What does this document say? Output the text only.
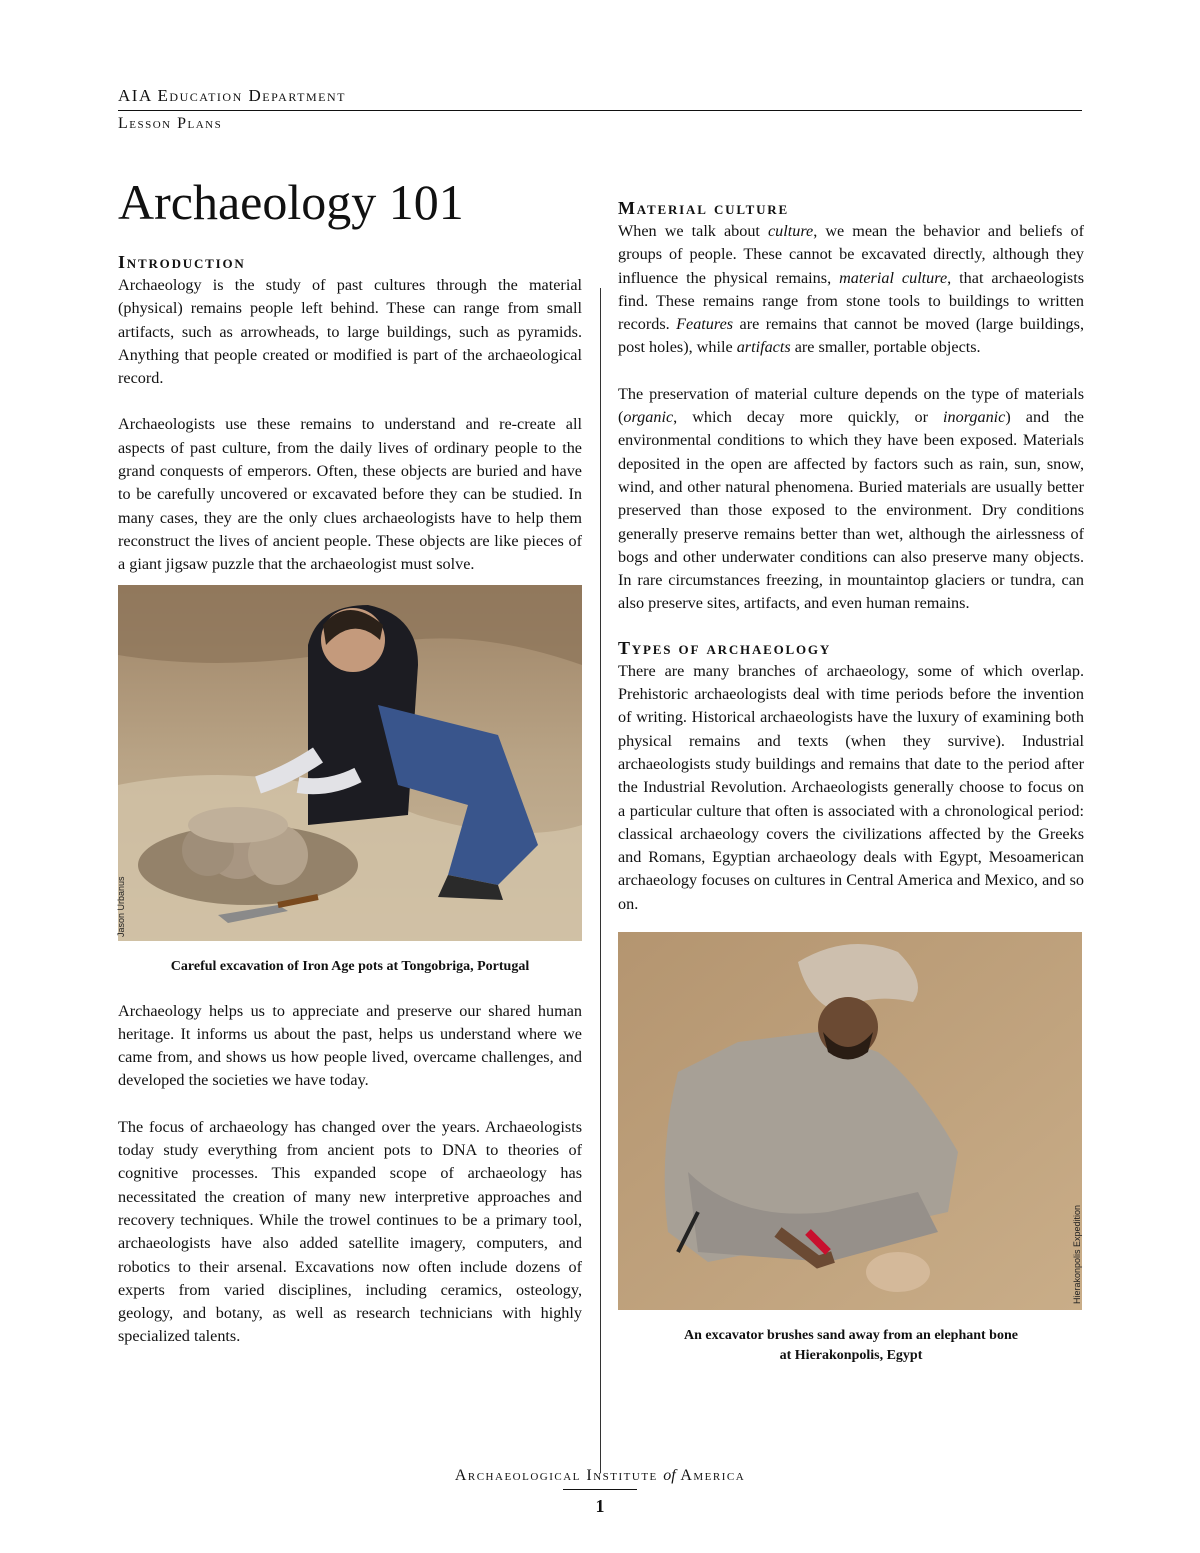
AIA Education Department
Lesson Plans
Archaeology 101
Introduction

Archaeology is the study of past cultures through the material (physical) remains people left behind. These can range from small artifacts, such as arrowheads, to large buildings, such as pyramids. Anything that people created or modified is part of the archaeological record.

Archaeologists use these remains to understand and re-create all aspects of past culture, from the daily lives of ordinary people to the grand conquests of emperors. Often, these objects are buried and have to be carefully uncovered or excavated before they can be studied. In many cases, they are the only clues archaeologists have to help them reconstruct the lives of ancient people. These objects are like pieces of a giant jigsaw puzzle that the archaeologist must solve.

Jason Urbanus
Careful excavation of Iron Age pots at Tongobriga, Portugal

Archaeology helps us to appreciate and preserve our shared human heritage. It informs us about the past, helps us understand where we came from, and shows us how people lived, overcame challenges, and developed the societies we have today.

The focus of archaeology has changed over the years. Archaeologists today study everything from ancient pots to DNA to theories of cognitive processes. This expanded scope of archaeology has necessitated the creation of many new interpretive approaches and recovery techniques. While the trowel continues to be a primary tool, archaeologists have also added satellite imagery, computers, and robotics to their arsenal. Excavations now often include dozens of experts from varied disciplines, including ceramics, osteology, geology, and botany, as well as research technicians with highly specialized talents.

Material culture

When we talk about culture, we mean the behavior and beliefs of groups of people. These cannot be excavated directly, although they influence the physical remains, material culture, that archaeologists find. These remains range from stone tools to buildings to written records. Features are remains that cannot be moved (large buildings, post holes), while artifacts are smaller, portable objects.

The preservation of material culture depends on the type of materials (organic, which decay more quickly, or inorganic) and the environmental conditions to which they have been exposed. Materials deposited in the open are affected by factors such as rain, sun, snow, wind, and other natural phenomena. Buried materials are usually better preserved than those exposed to the environment. Dry conditions generally preserve remains better than wet, although the airlessness of bogs and other underwater conditions can also preserve many objects. In rare circumstances freezing, in mountaintop glaciers or tundra, can also preserve sites, artifacts, and even human remains.

Types of archaeology

There are many branches of archaeology, some of which overlap. Prehistoric archaeologists deal with time periods before the invention of writing. Historical archaeologists have the luxury of examining both physical remains and texts (when they survive). Industrial archaeologists study buildings and remains that date to the period after the Industrial Revolution. Archaeologists generally choose to focus on a particular culture that often is associated with a chronological period: classical archaeology covers the civilizations affected by the Greeks and Romans, Egyptian archaeology deals with Egypt, Mesoamerican archaeology focuses on cultures in Central America and Mexico, and so on.

Hierakonpolis Expedition
An excavator brushes sand away from an elephant bone
at Hierakonpolis, Egypt
Archaeological Institute of America
1
